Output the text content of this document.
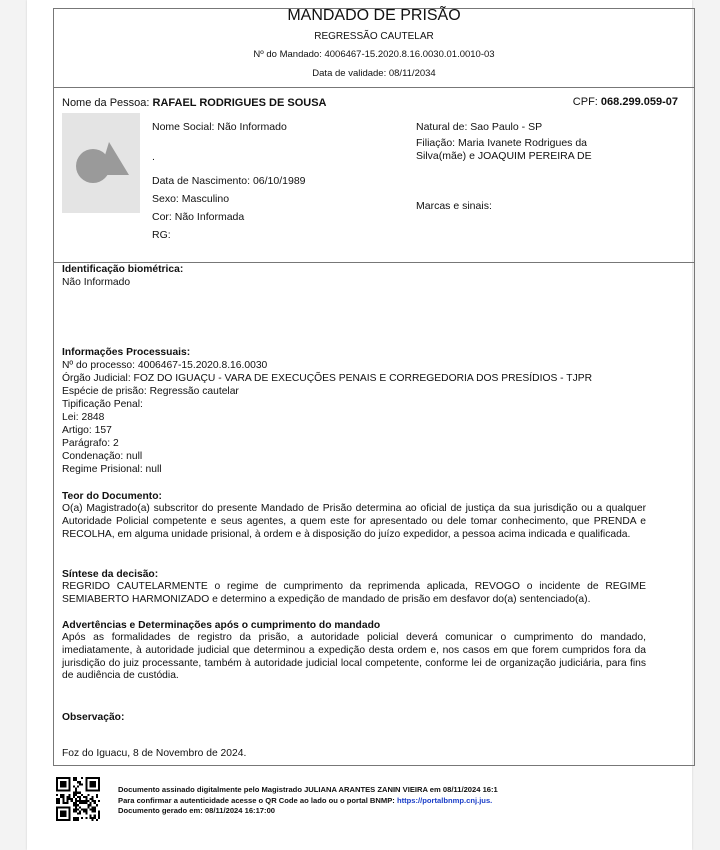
MANDADO DE PRISÃO
REGRESSÃO CAUTELAR
Nº do Mandado: 4006467-15.2020.8.16.0030.01.0010-03
Data de validade: 08/11/2034
Nome da Pessoa: RAFAEL RODRIGUES DE SOUSA	CPF: 068.299.059-07
Nome Social: Não Informado
.
Data de Nascimento: 06/10/1989
Sexo: Masculino
Cor: Não Informada
RG:
Natural de: Sao Paulo - SP
Filiação: Maria Ivanete Rodrigues da
Silva(mãe) e JOAQUIM PEREIRA DE
Marcas e sinais:
Identificação biométrica:
Não Informado
Informações Processuais:
Nº do processo: 4006467-15.2020.8.16.0030
Órgão Judicial: FOZ DO IGUAÇU - VARA DE EXECUÇÕES PENAIS E CORREGEDORIA DOS PRESÍDIOS - TJPR
Espécie de prisão: Regressão cautelar
Tipificação Penal:
Lei: 2848
Artigo: 157
Parágrafo: 2
Condenação: null
Regime Prisional: null
Teor do Documento:
O(a) Magistrado(a) subscritor do presente Mandado de Prisão determina ao oficial de justiça da sua jurisdição ou a qualquer Autoridade Policial competente e seus agentes, a quem este for apresentado ou dele tomar conhecimento, que PRENDA e RECOLHA, em alguma unidade prisional, à ordem e à disposição do juízo expedidor, a pessoa acima indicada e qualificada.
Síntese da decisão:
REGRIDO CAUTELARMENTE o regime de cumprimento da reprimenda aplicada, REVOGO o incidente de REGIME SEMIABERTO HARMONIZADO e determino a expedição de mandado de prisão em desfavor do(a) sentenciado(a).
Advertências e Determinações após o cumprimento do mandado
Após as formalidades de registro da prisão, a autoridade policial deverá comunicar o cumprimento do mandado, imediatamente, à autoridade judicial que determinou a expedição desta ordem e, nos casos em que forem cumpridos fora da jurisdição do juiz processante, também à autoridade judicial local competente, conforme lei de organização judiciária, para fins de audiência de custódia.
Observação:
Foz do Iguacu, 8 de Novembro de 2024.
Documento assinado digitalmente pelo Magistrado JULIANA ARANTES ZANIN VIEIRA em 08/11/2024 16:1
Para confirmar a autenticidade acesse o QR Code ao lado ou o portal BNMP: https://portalbnmp.cnj.jus.
Documento gerado em: 08/11/2024 16:17:00
